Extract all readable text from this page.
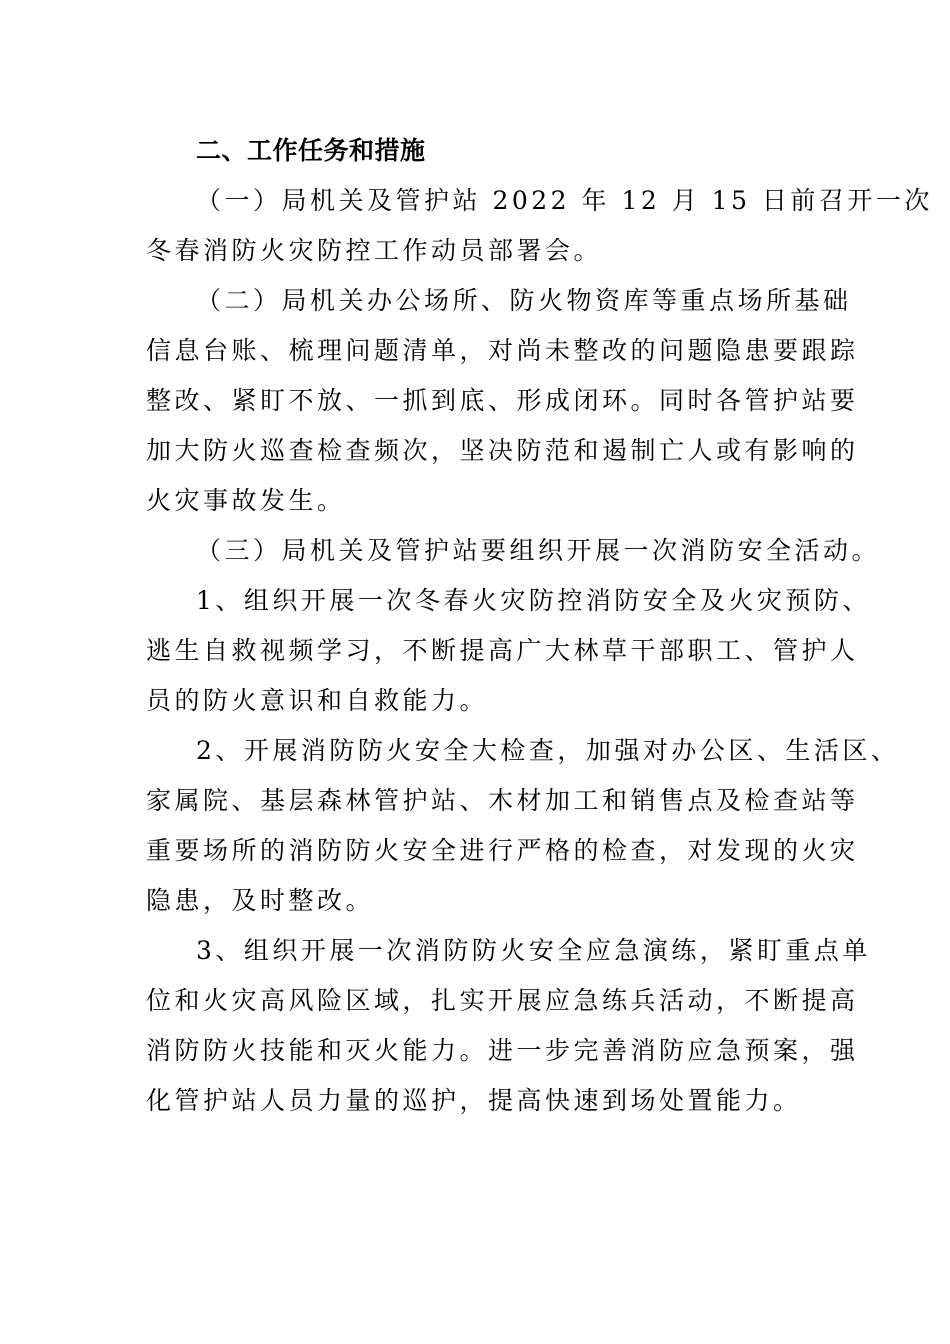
二、工作任务和措施
（一）局机关及管护站 2022 年 12 月 15 日前召开一次
冬春消防火灾防控工作动员部署会。
（二）局机关办公场所、防火物资库等重点场所基础
信息台账、梳理问题清单，对尚未整改的问题隐患要跟踪
整改、紧盯不放、一抓到底、形成闭环。同时各管护站要
加大防火巡查检查频次，坚决防范和遏制亡人或有影响的
火灾事故发生。
（三）局机关及管护站要组织开展一次消防安全活动。
1、组织开展一次冬春火灾防控消防安全及火灾预防、
逃生自救视频学习，不断提高广大林草干部职工、管护人
员的防火意识和自救能力。
2、开展消防防火安全大检查，加强对办公区、生活区、
家属院、基层森林管护站、木材加工和销售点及检查站等
重要场所的消防防火安全进行严格的检查，对发现的火灾
隐患，及时整改。
3、组织开展一次消防防火安全应急演练，紧盯重点单
位和火灾高风险区域，扎实开展应急练兵活动，不断提高
消防防火技能和灭火能力。进一步完善消防应急预案，强
化管护站人员力量的巡护，提高快速到场处置能力。
